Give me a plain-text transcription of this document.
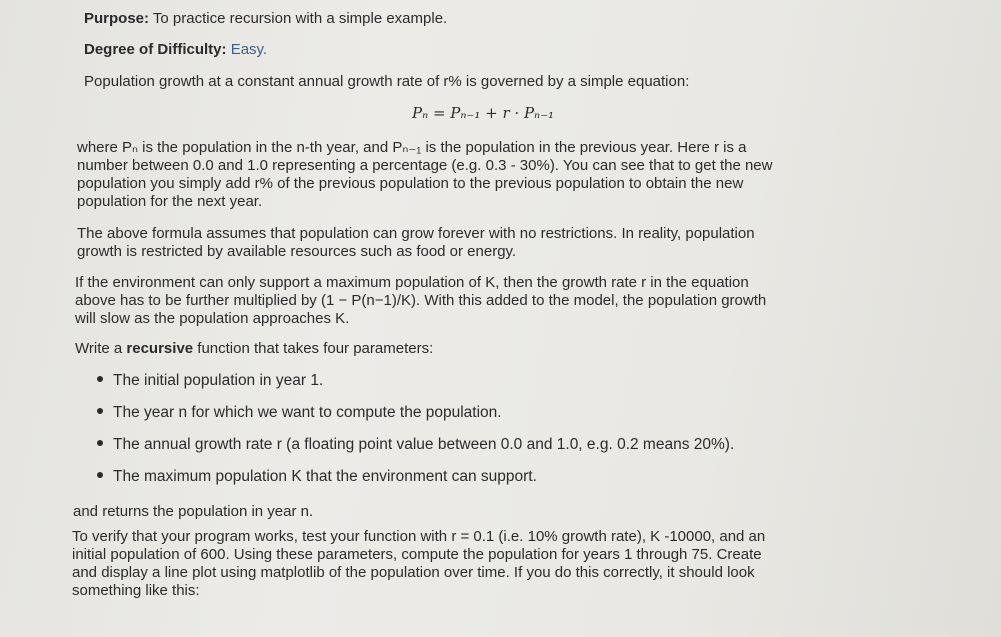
Purpose: To practice recursion with a simple example.
Degree of Difficulty: Easy.
Population growth at a constant annual growth rate of r% is governed by a simple equation:
Pₙ = Pₙ₋₁ + r · Pₙ₋₁
where Pₙ is the population in the n-th year, and Pₙ₋₁ is the population in the previous year. Here r is a
number between 0.0 and 1.0 representing a percentage (e.g. 0.3 - 30%). You can see that to get the new
population you simply add r% of the previous population to the previous population to obtain the new
population for the next year.
The above formula assumes that population can grow forever with no restrictions. In reality, population
growth is restricted by available resources such as food or energy.
If the environment can only support a maximum population of K, then the growth rate r in the equation
above has to be further multiplied by (1 − P(n−1)/K). With this added to the model, the population growth
will slow as the population approaches K.
Write a recursive function that takes four parameters:
The initial population in year 1.
The year n for which we want to compute the population.
The annual growth rate r (a floating point value between 0.0 and 1.0, e.g. 0.2 means 20%).
The maximum population K that the environment can support.
and returns the population in year n.
To verify that your program works, test your function with r = 0.1 (i.e. 10% growth rate), K -10000, and an
initial population of 600. Using these parameters, compute the population for years 1 through 75. Create
and display a line plot using matplotlib of the population over time. If you do this correctly, it should look
something like this:
